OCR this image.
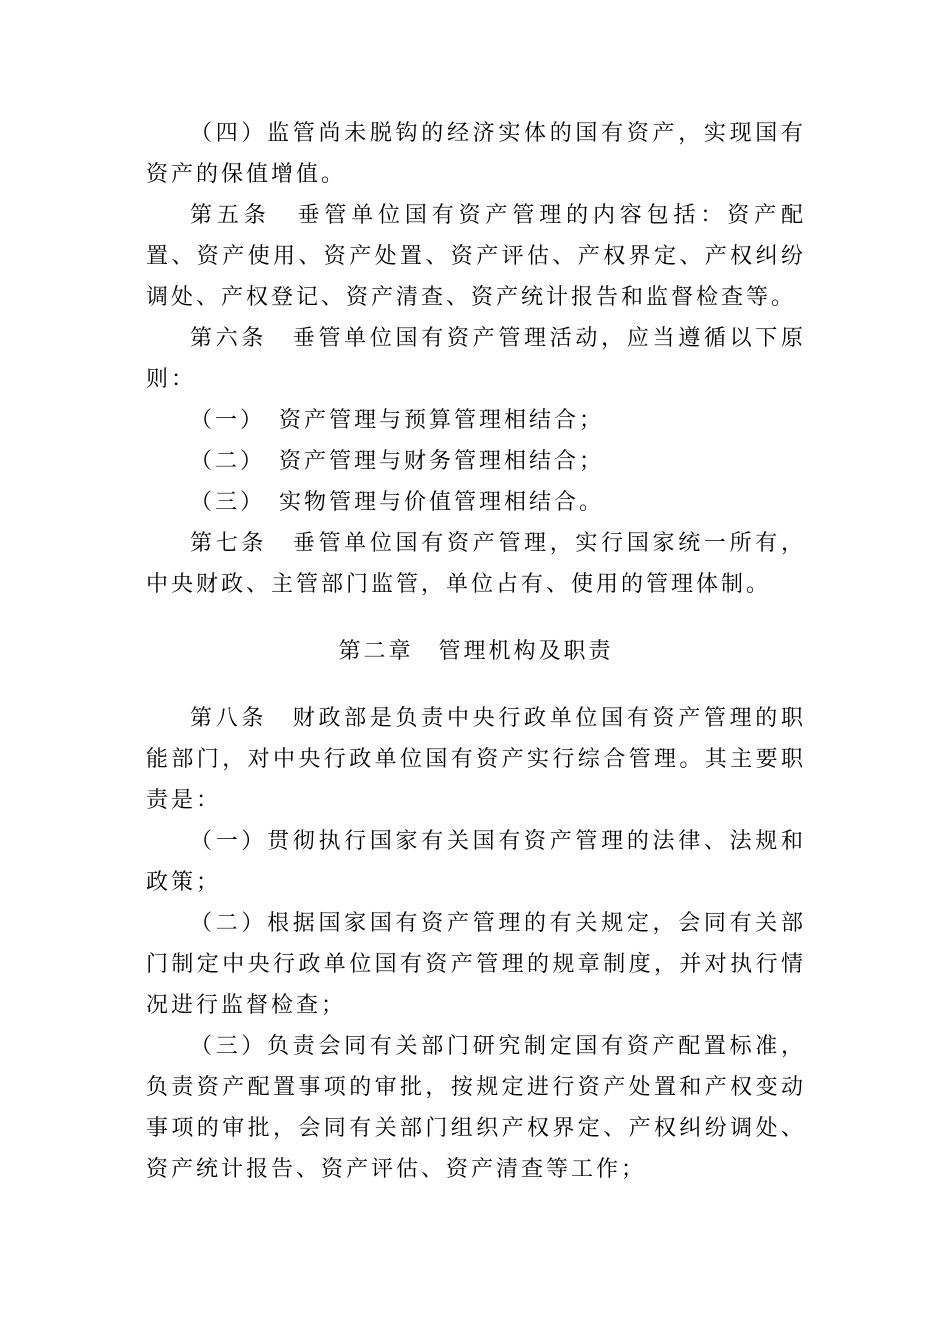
（四）监管尚未脱钩的经济实体的国有资产，实现国有资产的保值增值。

第五条　垂管单位国有资产管理的内容包括：资产配置、资产使用、资产处置、资产评估、产权界定、产权纠纷调处、产权登记、资产清查、资产统计报告和监督检查等。

第六条　垂管单位国有资产管理活动，应当遵循以下原则：

（一）　资产管理与预算管理相结合；

（二）　资产管理与财务管理相结合；

（三）　实物管理与价值管理相结合。

第七条　垂管单位国有资产管理，实行国家统一所有，中央财政、主管部门监管，单位占有、使用的管理体制。

第二章　管理机构及职责

第八条　财政部是负责中央行政单位国有资产管理的职能部门，对中央行政单位国有资产实行综合管理。其主要职责是：

（一）贯彻执行国家有关国有资产管理的法律、法规和政策；

（二）根据国家国有资产管理的有关规定，会同有关部门制定中央行政单位国有资产管理的规章制度，并对执行情况进行监督检查；

（三）负责会同有关部门研究制定国有资产配置标准，负责资产配置事项的审批，按规定进行资产处置和产权变动事项的审批，会同有关部门组织产权界定、产权纠纷调处、资产统计报告、资产评估、资产清查等工作；
